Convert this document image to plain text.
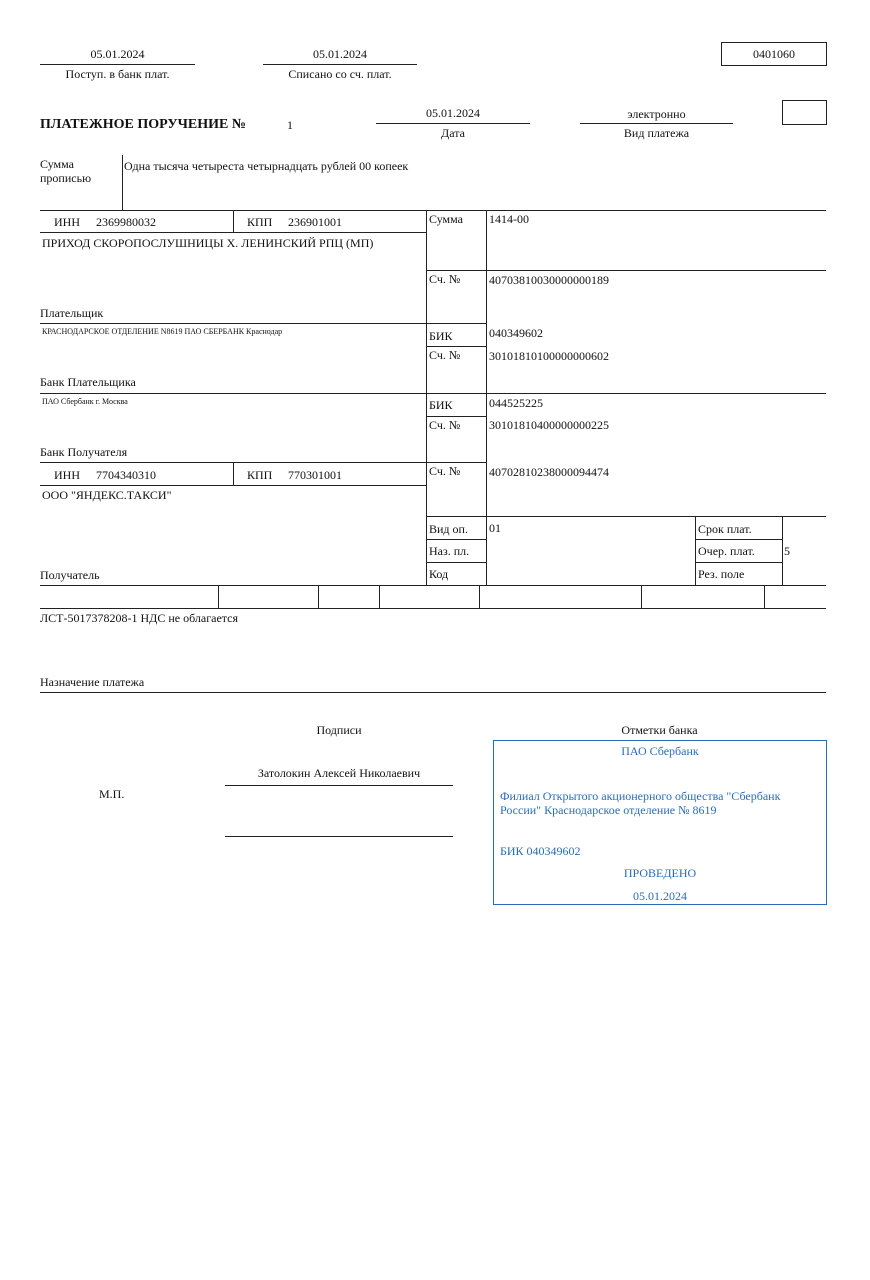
05.01.2024
Поступ. в банк плат.
05.01.2024
Списано со сч. плат.
0401060
ПЛАТЕЖНОЕ ПОРУЧЕНИЕ №	1
05.01.2024
Дата
электронно
Вид платежа
Сумма прописью
Одна тысяча четыреста четырнадцать рублей 00 копеек
ИНН 2369980032	КПП 236901001
ПРИХОД СКОРОПОСЛУШНИЦЫ Х. ЛЕНИНСКИЙ РПЦ (МП)
Плательщик
Сумма 1414-00
Сч. № 40703810030000000189
КРАСНОДАРСКОЕ ОТДЕЛЕНИЕ N8619 ПАО СБЕРБАНК Краснодар
Банк Плательщика
БИК	040349602
Сч. № 30101810100000000602
ПАО Сбербанк г. Москва
Банк Получателя
БИК	044525225
Сч. № 30101810400000000225
ИНН 7704340310	КПП 770301001
ООО "ЯНДЕКС.ТАКСИ"
Получатель
Сч. № 40702810238000094474
Вид оп. 01
Наз. пл.
Код
Срок плат.
Очер. плат. 5
Рез. поле
ЛСТ-5017378208-1 НДС не облагается
Назначение платежа
Подписи
Затолокин Алексей Николаевич
М.П.
Отметки банка
ПАО Сбербанк
Филиал Открытого акционерного общества "Сбербанк России" Краснодарское отделение № 8619
БИК 040349602
ПРОВЕДЕНО
05.01.2024
